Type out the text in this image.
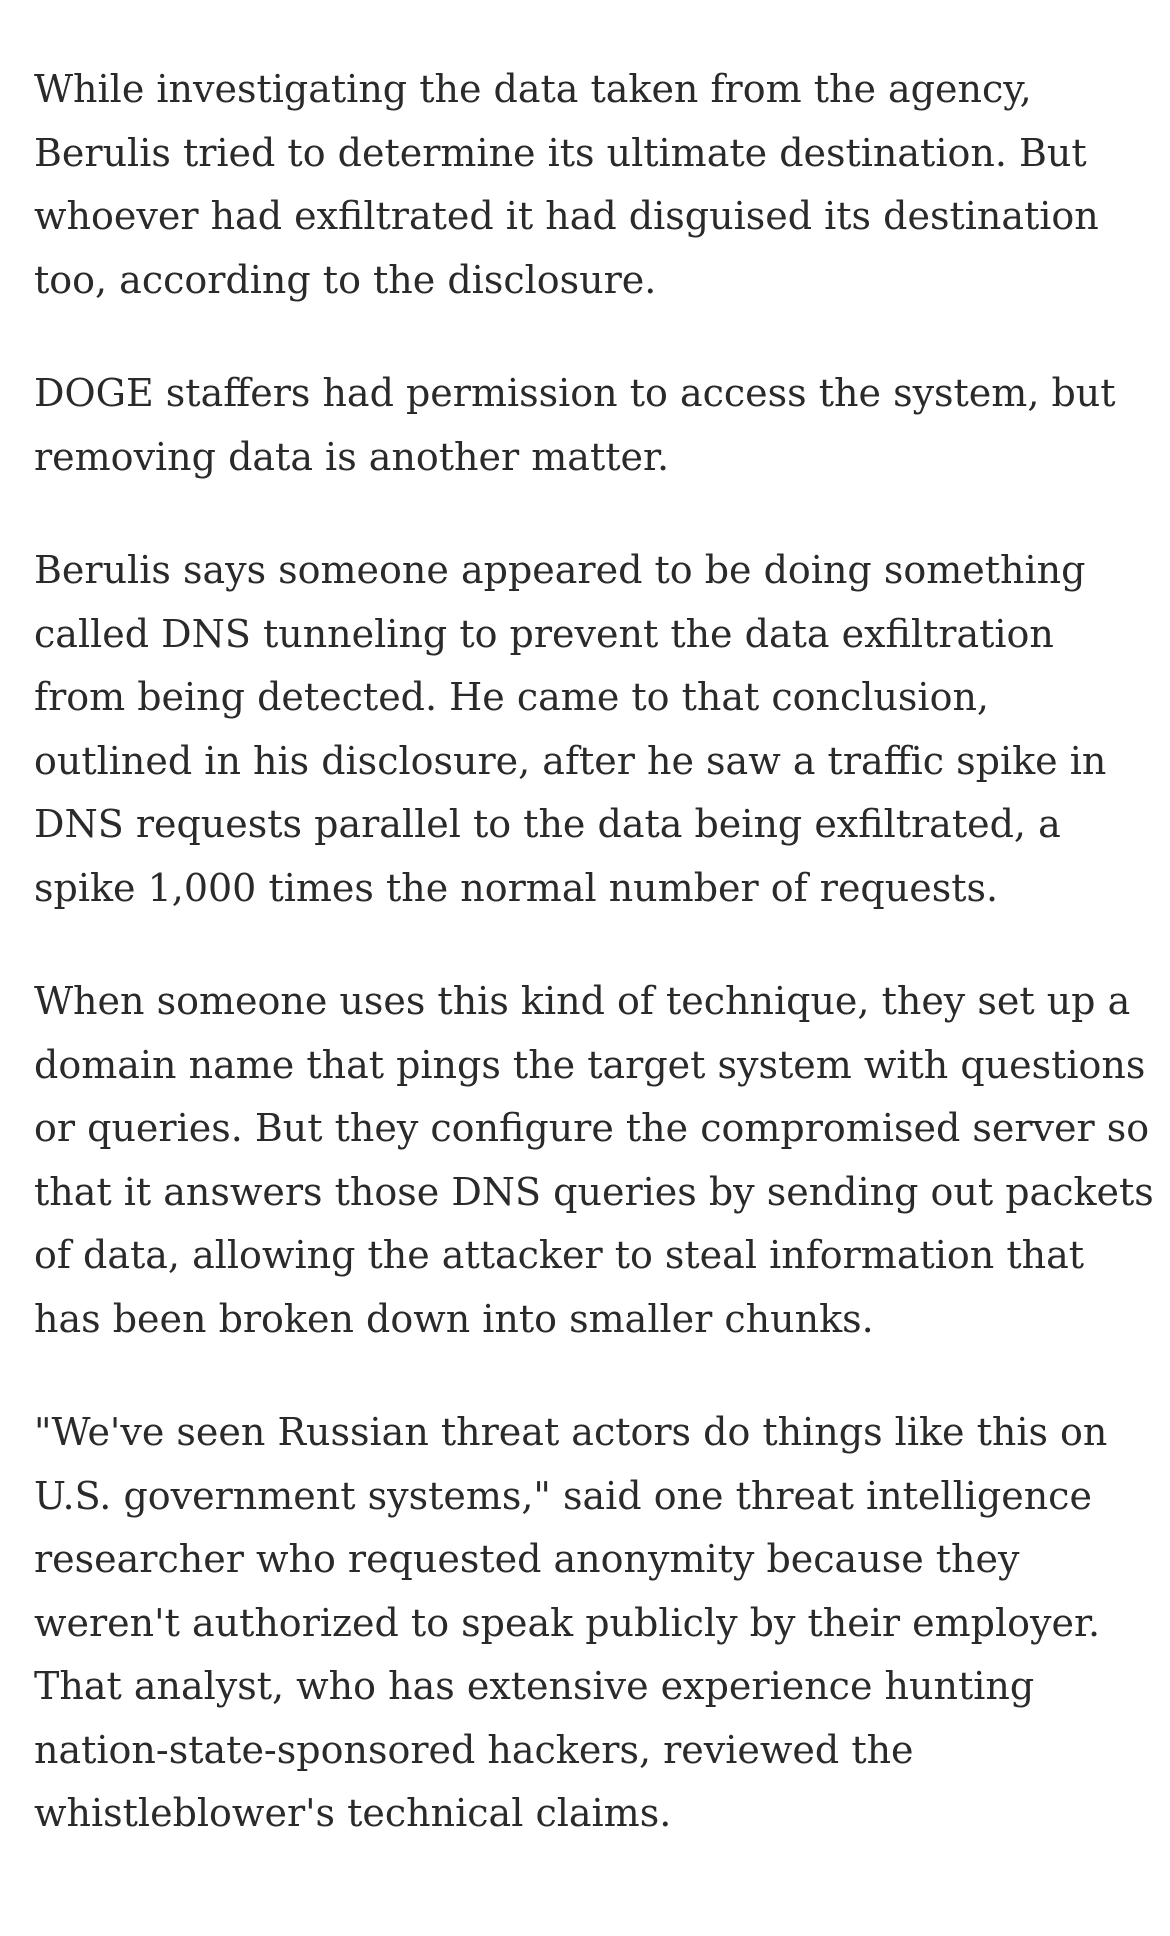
While investigating the data taken from the agency, Berulis tried to determine its ultimate destination. But whoever had exfiltrated it had disguised its destination too, according to the disclosure.

DOGE staffers had permission to access the system, but removing data is another matter.

Berulis says someone appeared to be doing something called DNS tunneling to prevent the data exfiltration from being detected. He came to that conclusion, outlined in his disclosure, after he saw a traffic spike in DNS requests parallel to the data being exfiltrated, a spike 1,000 times the normal number of requests.

When someone uses this kind of technique, they set up a domain name that pings the target system with questions or queries. But they configure the compromised server so that it answers those DNS queries by sending out packets of data, allowing the attacker to steal information that has been broken down into smaller chunks.

"We've seen Russian threat actors do things like this on U.S. government systems," said one threat intelligence researcher who requested anonymity because they weren't authorized to speak publicly by their employer. That analyst, who has extensive experience hunting nation-state-sponsored hackers, reviewed the whistleblower's technical claims.
